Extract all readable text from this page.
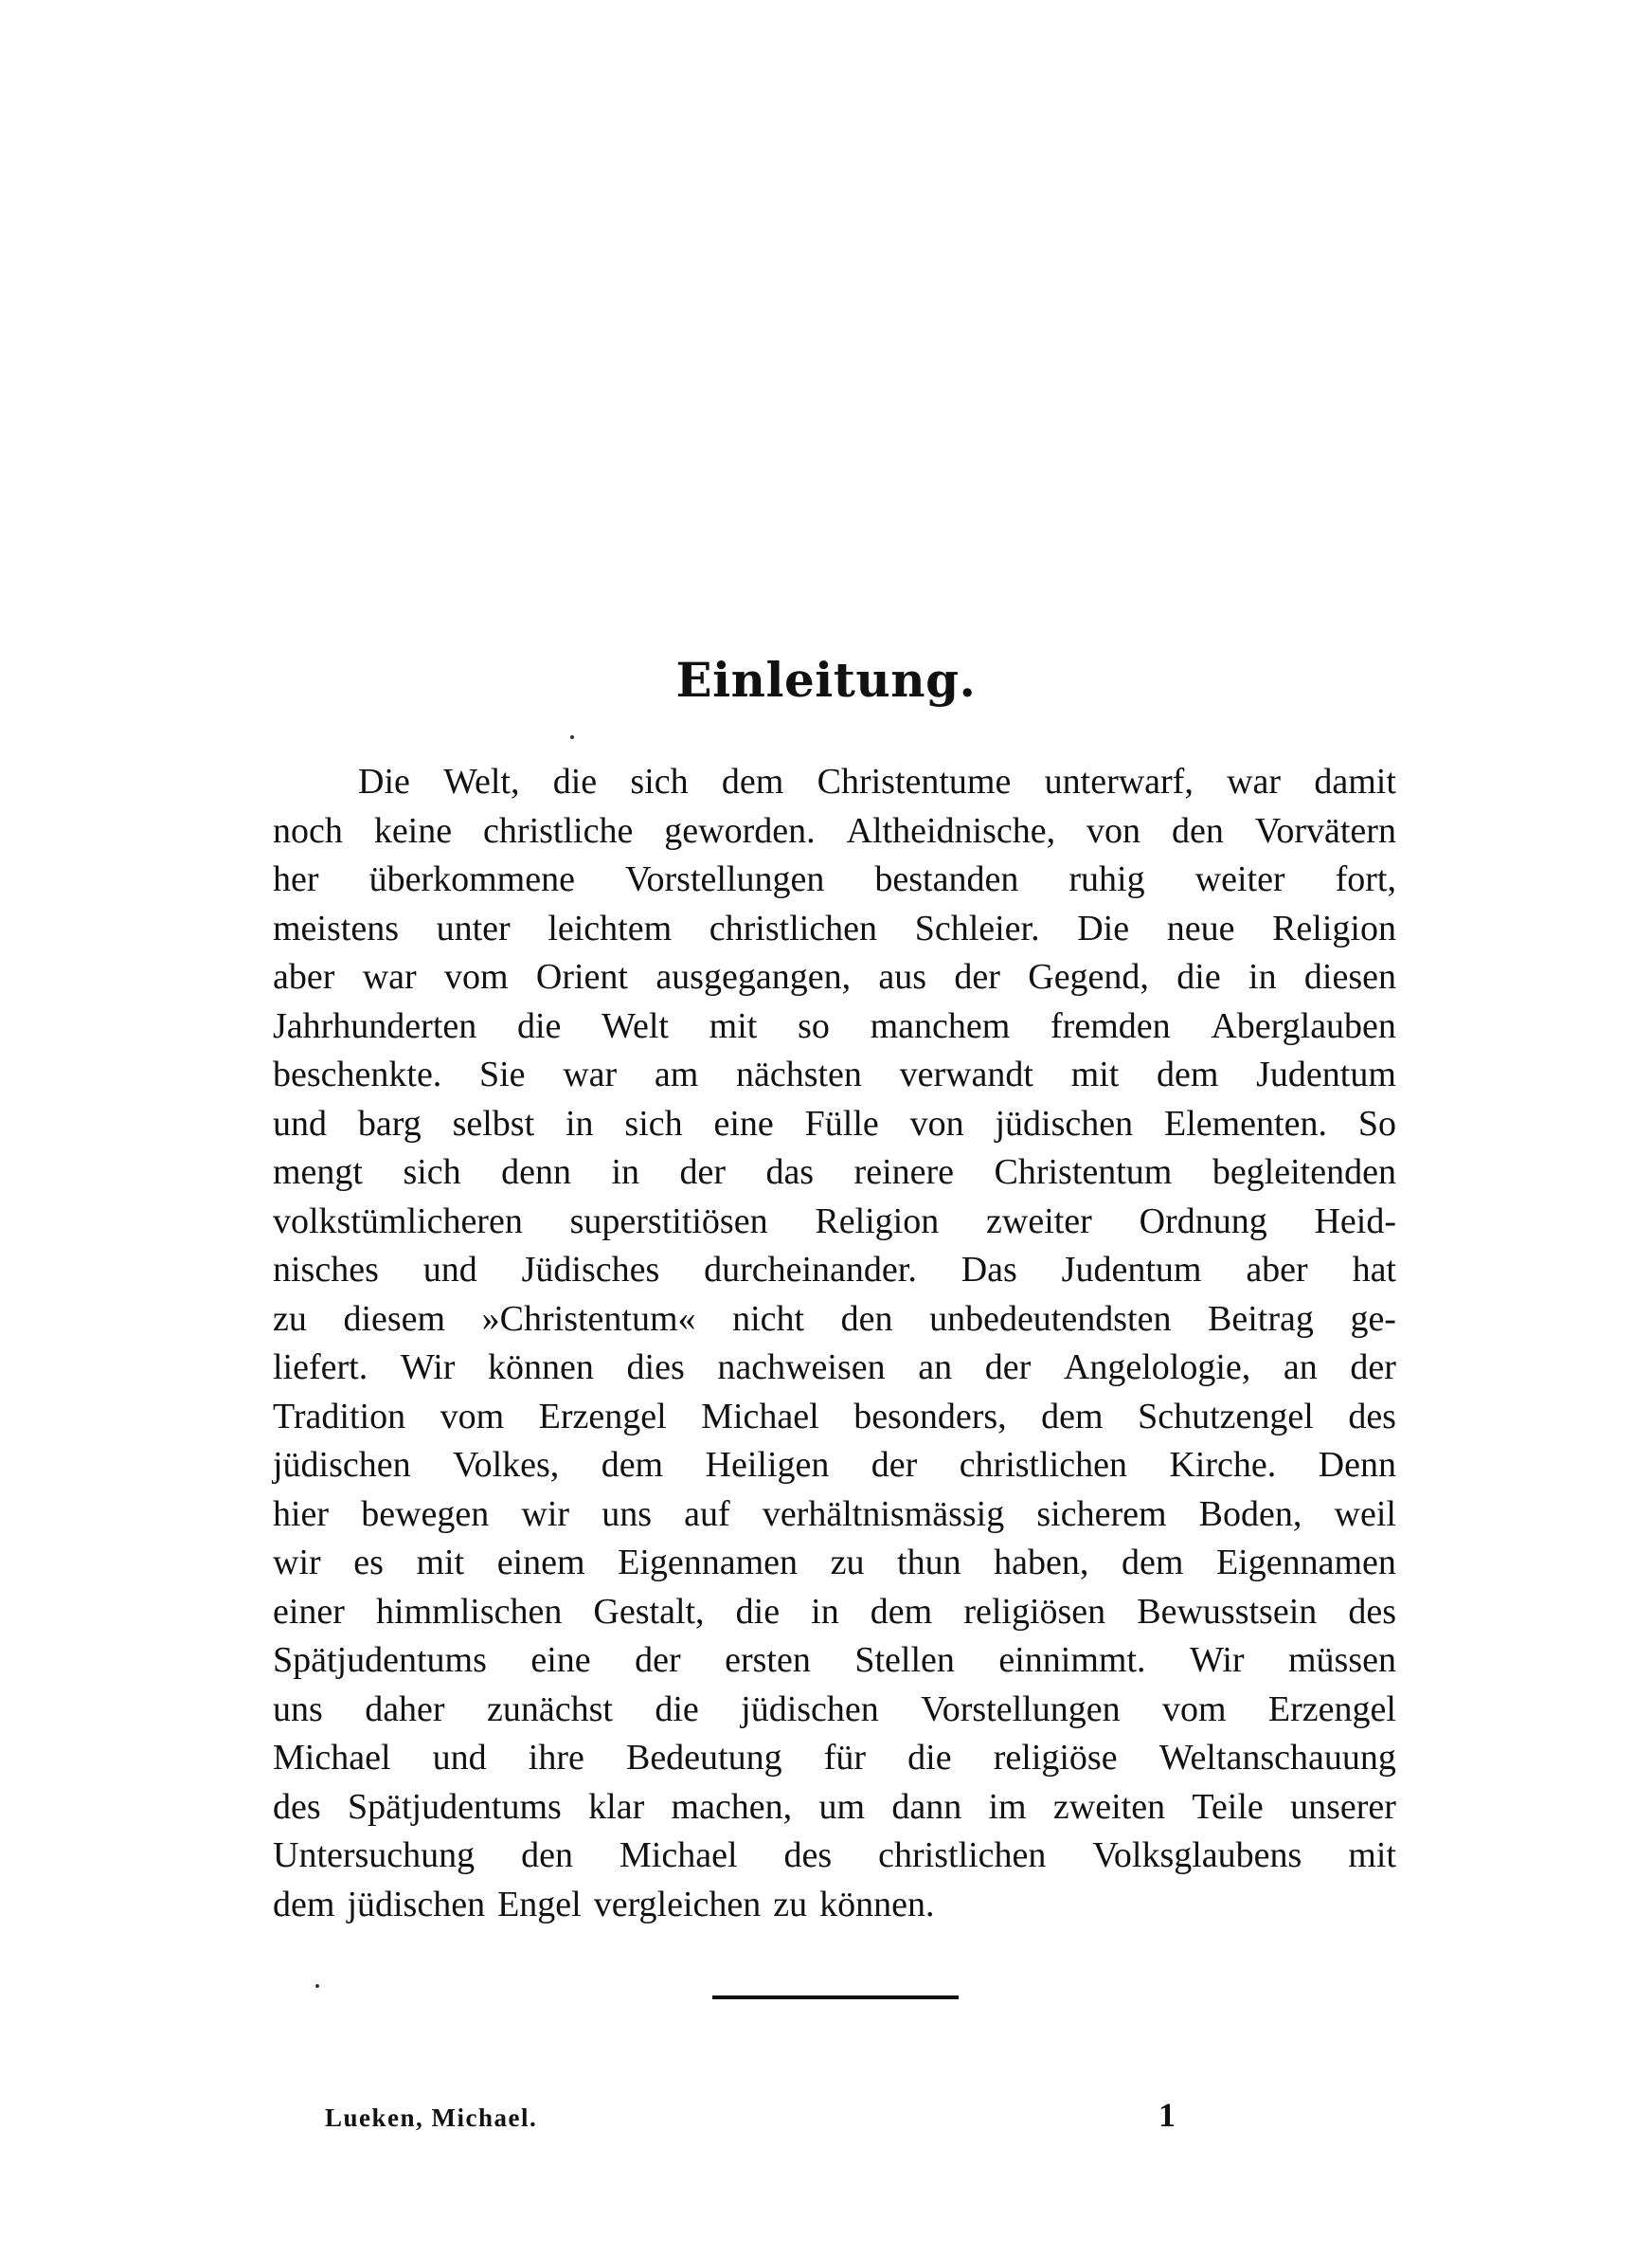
Einleitung.
Die Welt, die sich dem Christentume unterwarf, war damit
noch keine christliche geworden. Altheidnische, von den Vorvätern
her überkommene Vorstellungen bestanden ruhig weiter fort,
meistens unter leichtem christlichen Schleier. Die neue Religion
aber war vom Orient ausgegangen, aus der Gegend, die in diesen
Jahrhunderten die Welt mit so manchem fremden Aberglauben
beschenkte. Sie war am nächsten verwandt mit dem Judentum
und barg selbst in sich eine Fülle von jüdischen Elementen. So
mengt sich denn in der das reinere Christentum begleitenden
volkstümlicheren superstitiösen Religion zweiter Ordnung Heid-
nisches und Jüdisches durcheinander. Das Judentum aber hat
zu diesem »Christentum« nicht den unbedeutendsten Beitrag ge-
liefert. Wir können dies nachweisen an der Angelologie, an der
Tradition vom Erzengel Michael besonders, dem Schutzengel des
jüdischen Volkes, dem Heiligen der christlichen Kirche. Denn
hier bewegen wir uns auf verhältnismässig sicherem Boden, weil
wir es mit einem Eigennamen zu thun haben, dem Eigennamen
einer himmlischen Gestalt, die in dem religiösen Bewusstsein des
Spätjudentums eine der ersten Stellen einnimmt. Wir müssen
uns daher zunächst die jüdischen Vorstellungen vom Erzengel
Michael und ihre Bedeutung für die religiöse Weltanschauung
des Spätjudentums klar machen, um dann im zweiten Teile unserer
Untersuchung den Michael des christlichen Volksglaubens mit
dem jüdischen Engel vergleichen zu können.
Lueken, Michael.	1
